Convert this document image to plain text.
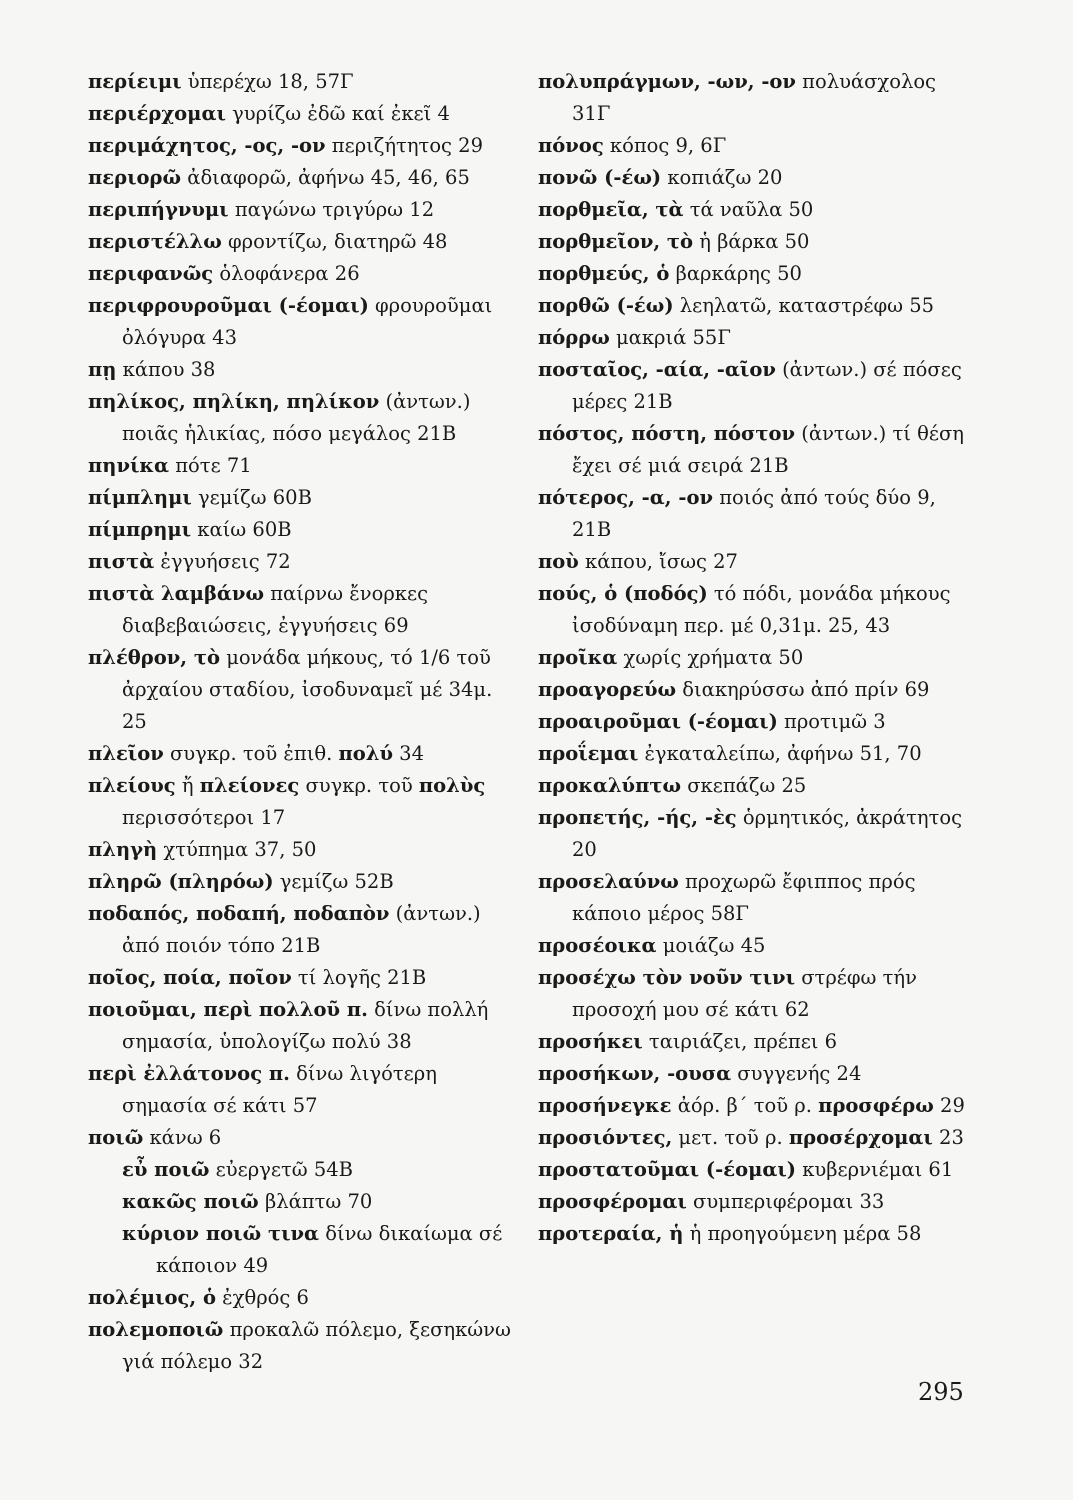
περίειμι ὑπερέχω 18, 57Γ
περιέρχομαι γυρίζω ἐδῶ καί ἐκεῖ 4
περιμάχητος, -ος, -ον περιζήτητος 29
περιορῶ ἀδιαφορῶ, ἀφήνω 45, 46, 65
περιπήγνυμι παγώνω τριγύρω 12
περιστέλλω φροντίζω, διατηρῶ 48
περιφανῶς ὁλοφάνερα 26
περιφρουροῦμαι (-έομαι) φρουροῦμαι ὀλόγυρα 43
πῃ κάπου 38
πηλίκος, πηλίκη, πηλίκον (ἀντων.) ποιᾶς ἡλικίας, πόσο μεγάλος 21Β
πηνίκα πότε 71
πίμπλημι γεμίζω 60Β
πίμπρημι καίω 60Β
πιστὰ ἐγγυήσεις 72
πιστὰ λαμβάνω παίρνω ἔνορκες διαβεβαιώσεις, ἐγγυήσεις 69
πλέθρον, τὸ μονάδα μήκους, τό 1/6 τοῦ ἀρχαίου σταδίου, ἰσοδυναμεῖ μέ 34μ. 25
πλεῖον συγκρ. τοῦ ἐπιθ. πολύ 34
πλείους ἤ πλείονες συγκρ. τοῦ πολὺς περισσότεροι 17
πληγὴ χτύπημα 37, 50
πληρῶ (πληρόω) γεμίζω 52Β
ποδαπός, ποδαπή, ποδαπὸν (ἀντων.) ἀπό ποιόν τόπο 21Β
ποῖος, ποία, ποῖον τί λογῆς 21Β
ποιοῦμαι, περὶ πολλοῦ π. δίνω πολλή σημασία, ὑπολογίζω πολύ 38
περὶ ἐλλάτονος π. δίνω λιγότερη σημασία σέ κάτι 57
ποιῶ κάνω 6
εὖ ποιῶ εὐεργετῶ 54Β
κακῶς ποιῶ βλάπτω 70
κύριον ποιῶ τινα δίνω δικαίωμα σέ κάποιον 49
πολέμιος, ὁ ἐχθρός 6
πολεμοποιῶ προκαλῶ πόλεμο, ξεσηκώνω γιά πόλεμο 32
πολυπράγμων, -ων, -ον πολυάσχολος 31Γ
πόνος κόπος 9, 6Γ
πονῶ (-έω) κοπιάζω 20
πορθμεῖα, τὰ τά ναῦλα 50
πορθμεῖον, τὸ ἡ βάρκα 50
πορθμεύς, ὁ βαρκάρης 50
πορθῶ (-έω) λεηλατῶ, καταστρέφω 55
πόρρω μακριά 55Γ
ποσταῖος, -αία, -αῖον (ἀντων.) σέ πόσες μέρες 21Β
πόστος, πόστη, πόστον (ἀντων.) τί θέση ἔχει σέ μιά σειρά 21Β
πότερος, -α, -ον ποιός ἀπό τούς δύο 9, 21Β
ποὺ κάπου, ἴσως 27
πούς, ὁ (ποδός) τό πόδι, μονάδα μήκους ἰσοδύναμη περ. μέ 0,31μ. 25, 43
προῖκα χωρίς χρήματα 50
προαγορεύω διακηρύσσω ἀπό πρίν 69
προαιροῦμαι (-έομαι) προτιμῶ 3
προΐεμαι ἐγκαταλείπω, ἀφήνω 51, 70
προκαλύπτω σκεπάζω 25
προπετής, -ής, -ὲς ὁρμητικός, ἀκράτητος 20
προσελαύνω προχωρῶ ἔφιππος πρός κάποιο μέρος 58Γ
προσέοικα μοιάζω 45
προσέχω τὸν νοῦν τινι στρέφω τήν προσοχή μου σέ κάτι 62
προσήκει ταιριάζει, πρέπει 6
προσήκων, -ουσα συγγενής 24
προσήνεγκε ἀόρ. β΄ τοῦ ρ. προσφέρω 29
προσιόντες, μετ. τοῦ ρ. προσέρχομαι 23
προστατοῦμαι (-έομαι) κυβερνιέμαι 61
προσφέρομαι συμπεριφέρομαι 33
προτεραία, ἡ ἡ προηγούμενη μέρα 58
295
